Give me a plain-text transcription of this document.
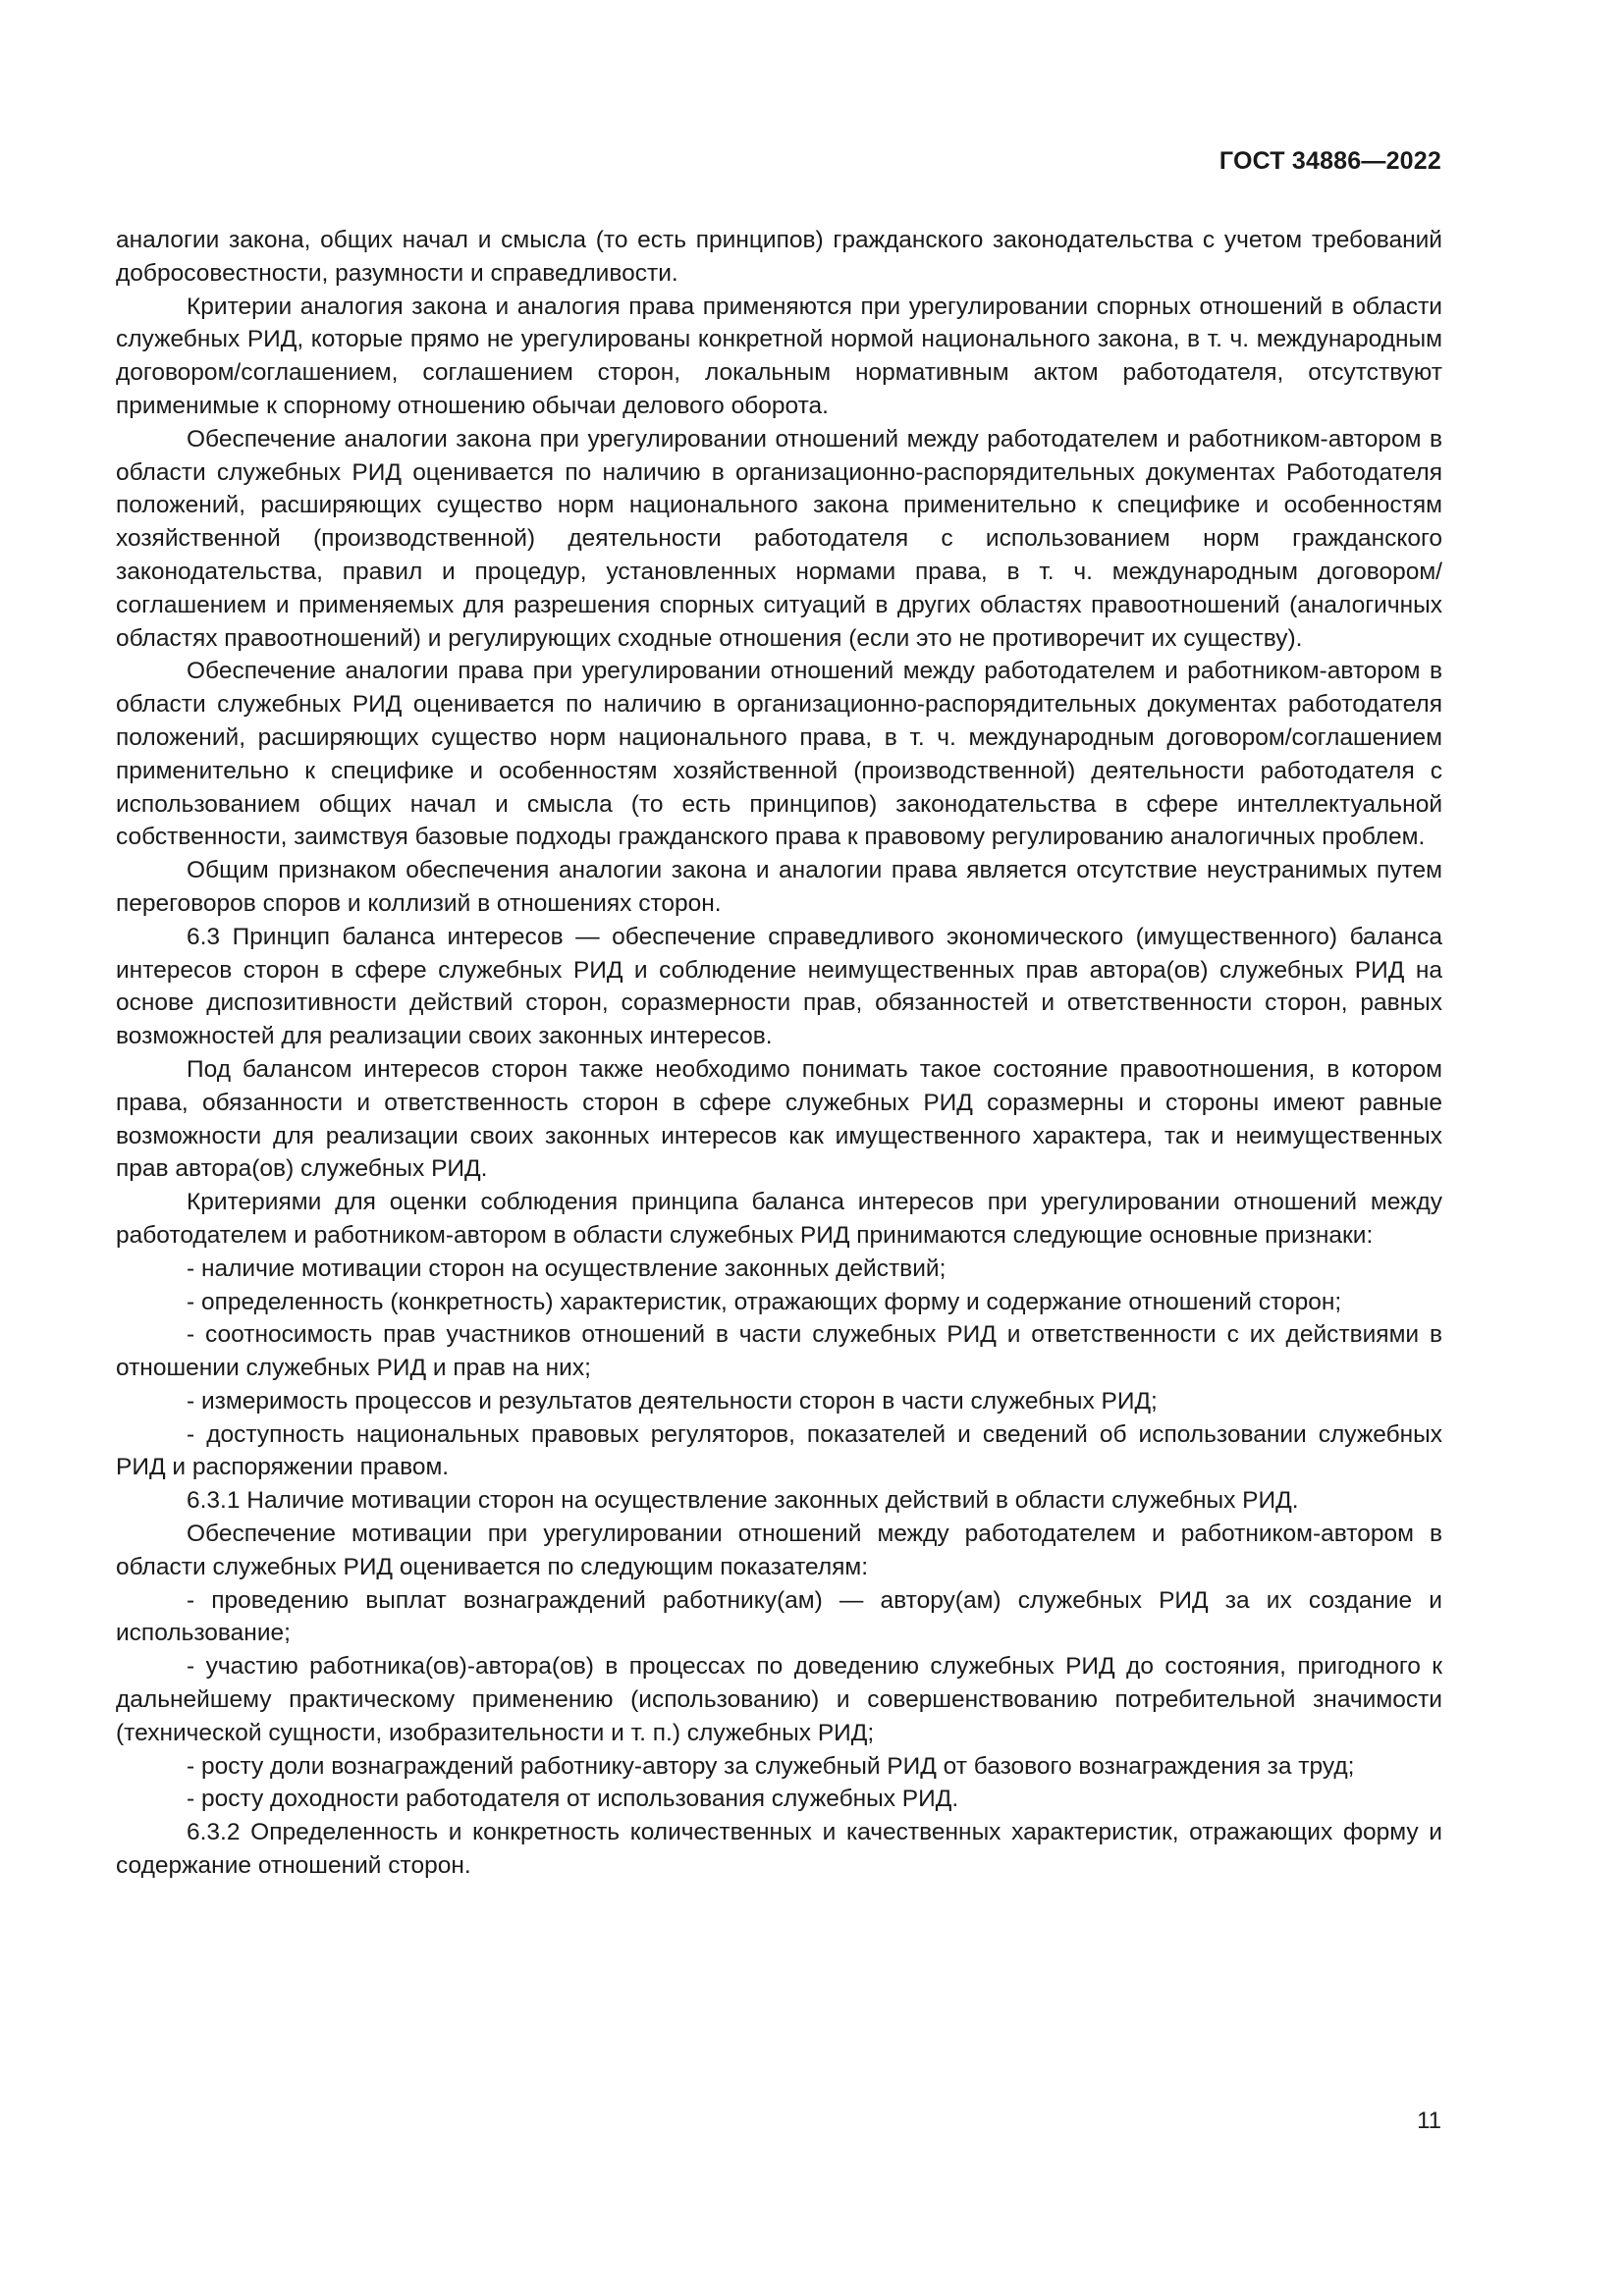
ГОСТ 34886—2022

аналогии закона, общих начал и смысла (то есть принципов) гражданского законодательства с учетом требований добросовестности, разумности и справедливости.

Критерии аналогия закона и аналогия права применяются при урегулировании спорных отношений в области служебных РИД, которые прямо не урегулированы конкретной нормой национального закона, в т. ч. международным договором/соглашением, соглашением сторон, локальным нормативным актом работодателя, отсутствуют применимые к спорному отношению обычаи делового оборота.

Обеспечение аналогии закона при урегулировании отношений между работодателем и работником-автором в области служебных РИД оценивается по наличию в организационно-распорядительных документах Работодателя положений, расширяющих существо норм национального закона применительно к специфике и особенностям хозяйственной (производственной) деятельности работодателя с использованием норм гражданского законодательства, правил и процедур, установленных нормами права, в т. ч. международным договором/соглашением и применяемых для разрешения спорных ситуаций в других областях правоотношений (аналогичных областях правоотношений) и регулирующих сходные отношения (если это не противоречит их существу).

Обеспечение аналогии права при урегулировании отношений между работодателем и работником-автором в области служебных РИД оценивается по наличию в организационно-распорядительных документах работодателя положений, расширяющих существо норм национального права, в т. ч. международным договором/соглашением применительно к специфике и особенностям хозяйственной (производственной) деятельности работодателя с использованием общих начал и смысла (то есть принципов) законодательства в сфере интеллектуальной собственности, заимствуя базовые подходы гражданского права к правовому регулированию аналогичных проблем.

Общим признаком обеспечения аналогии закона и аналогии права является отсутствие неустранимых путем переговоров споров и коллизий в отношениях сторон.

6.3 Принцип баланса интересов — обеспечение справедливого экономического (имущественного) баланса интересов сторон в сфере служебных РИД и соблюдение неимущественных прав автора(ов) служебных РИД на основе диспозитивности действий сторон, соразмерности прав, обязанностей и ответственности сторон, равных возможностей для реализации своих законных интересов.

Под балансом интересов сторон также необходимо понимать такое состояние правоотношения, в котором права, обязанности и ответственность сторон в сфере служебных РИД соразмерны и стороны имеют равные возможности для реализации своих законных интересов как имущественного характера, так и неимущественных прав автора(ов) служебных РИД.

Критериями для оценки соблюдения принципа баланса интересов при урегулировании отношений между работодателем и работником-автором в области служебных РИД принимаются следующие основные признаки:

- наличие мотивации сторон на осуществление законных действий;

- определенность (конкретность) характеристик, отражающих форму и содержание отношений сторон;

- соотносимость прав участников отношений в части служебных РИД и ответственности с их действиями в отношении служебных РИД и прав на них;

- измеримость процессов и результатов деятельности сторон в части служебных РИД;

- доступность национальных правовых регуляторов, показателей и сведений об использовании служебных РИД и распоряжении правом.

6.3.1 Наличие мотивации сторон на осуществление законных действий в области служебных РИД.

Обеспечение мотивации при урегулировании отношений между работодателем и работником-автором в области служебных РИД оценивается по следующим показателям:

- проведению выплат вознаграждений работнику(ам) — автору(ам) служебных РИД за их создание и использование;

- участию работника(ов)-автора(ов) в процессах по доведению служебных РИД до состояния, пригодного к дальнейшему практическому применению (использованию) и совершенствованию потребительной значимости (технической сущности, изобразительности и т. п.) служебных РИД;

- росту доли вознаграждений работнику-автору за служебный РИД от базового вознаграждения за труд;

- росту доходности работодателя от использования служебных РИД.

6.3.2 Определенность и конкретность количественных и качественных характеристик, отражающих форму и содержание отношений сторон.

11
